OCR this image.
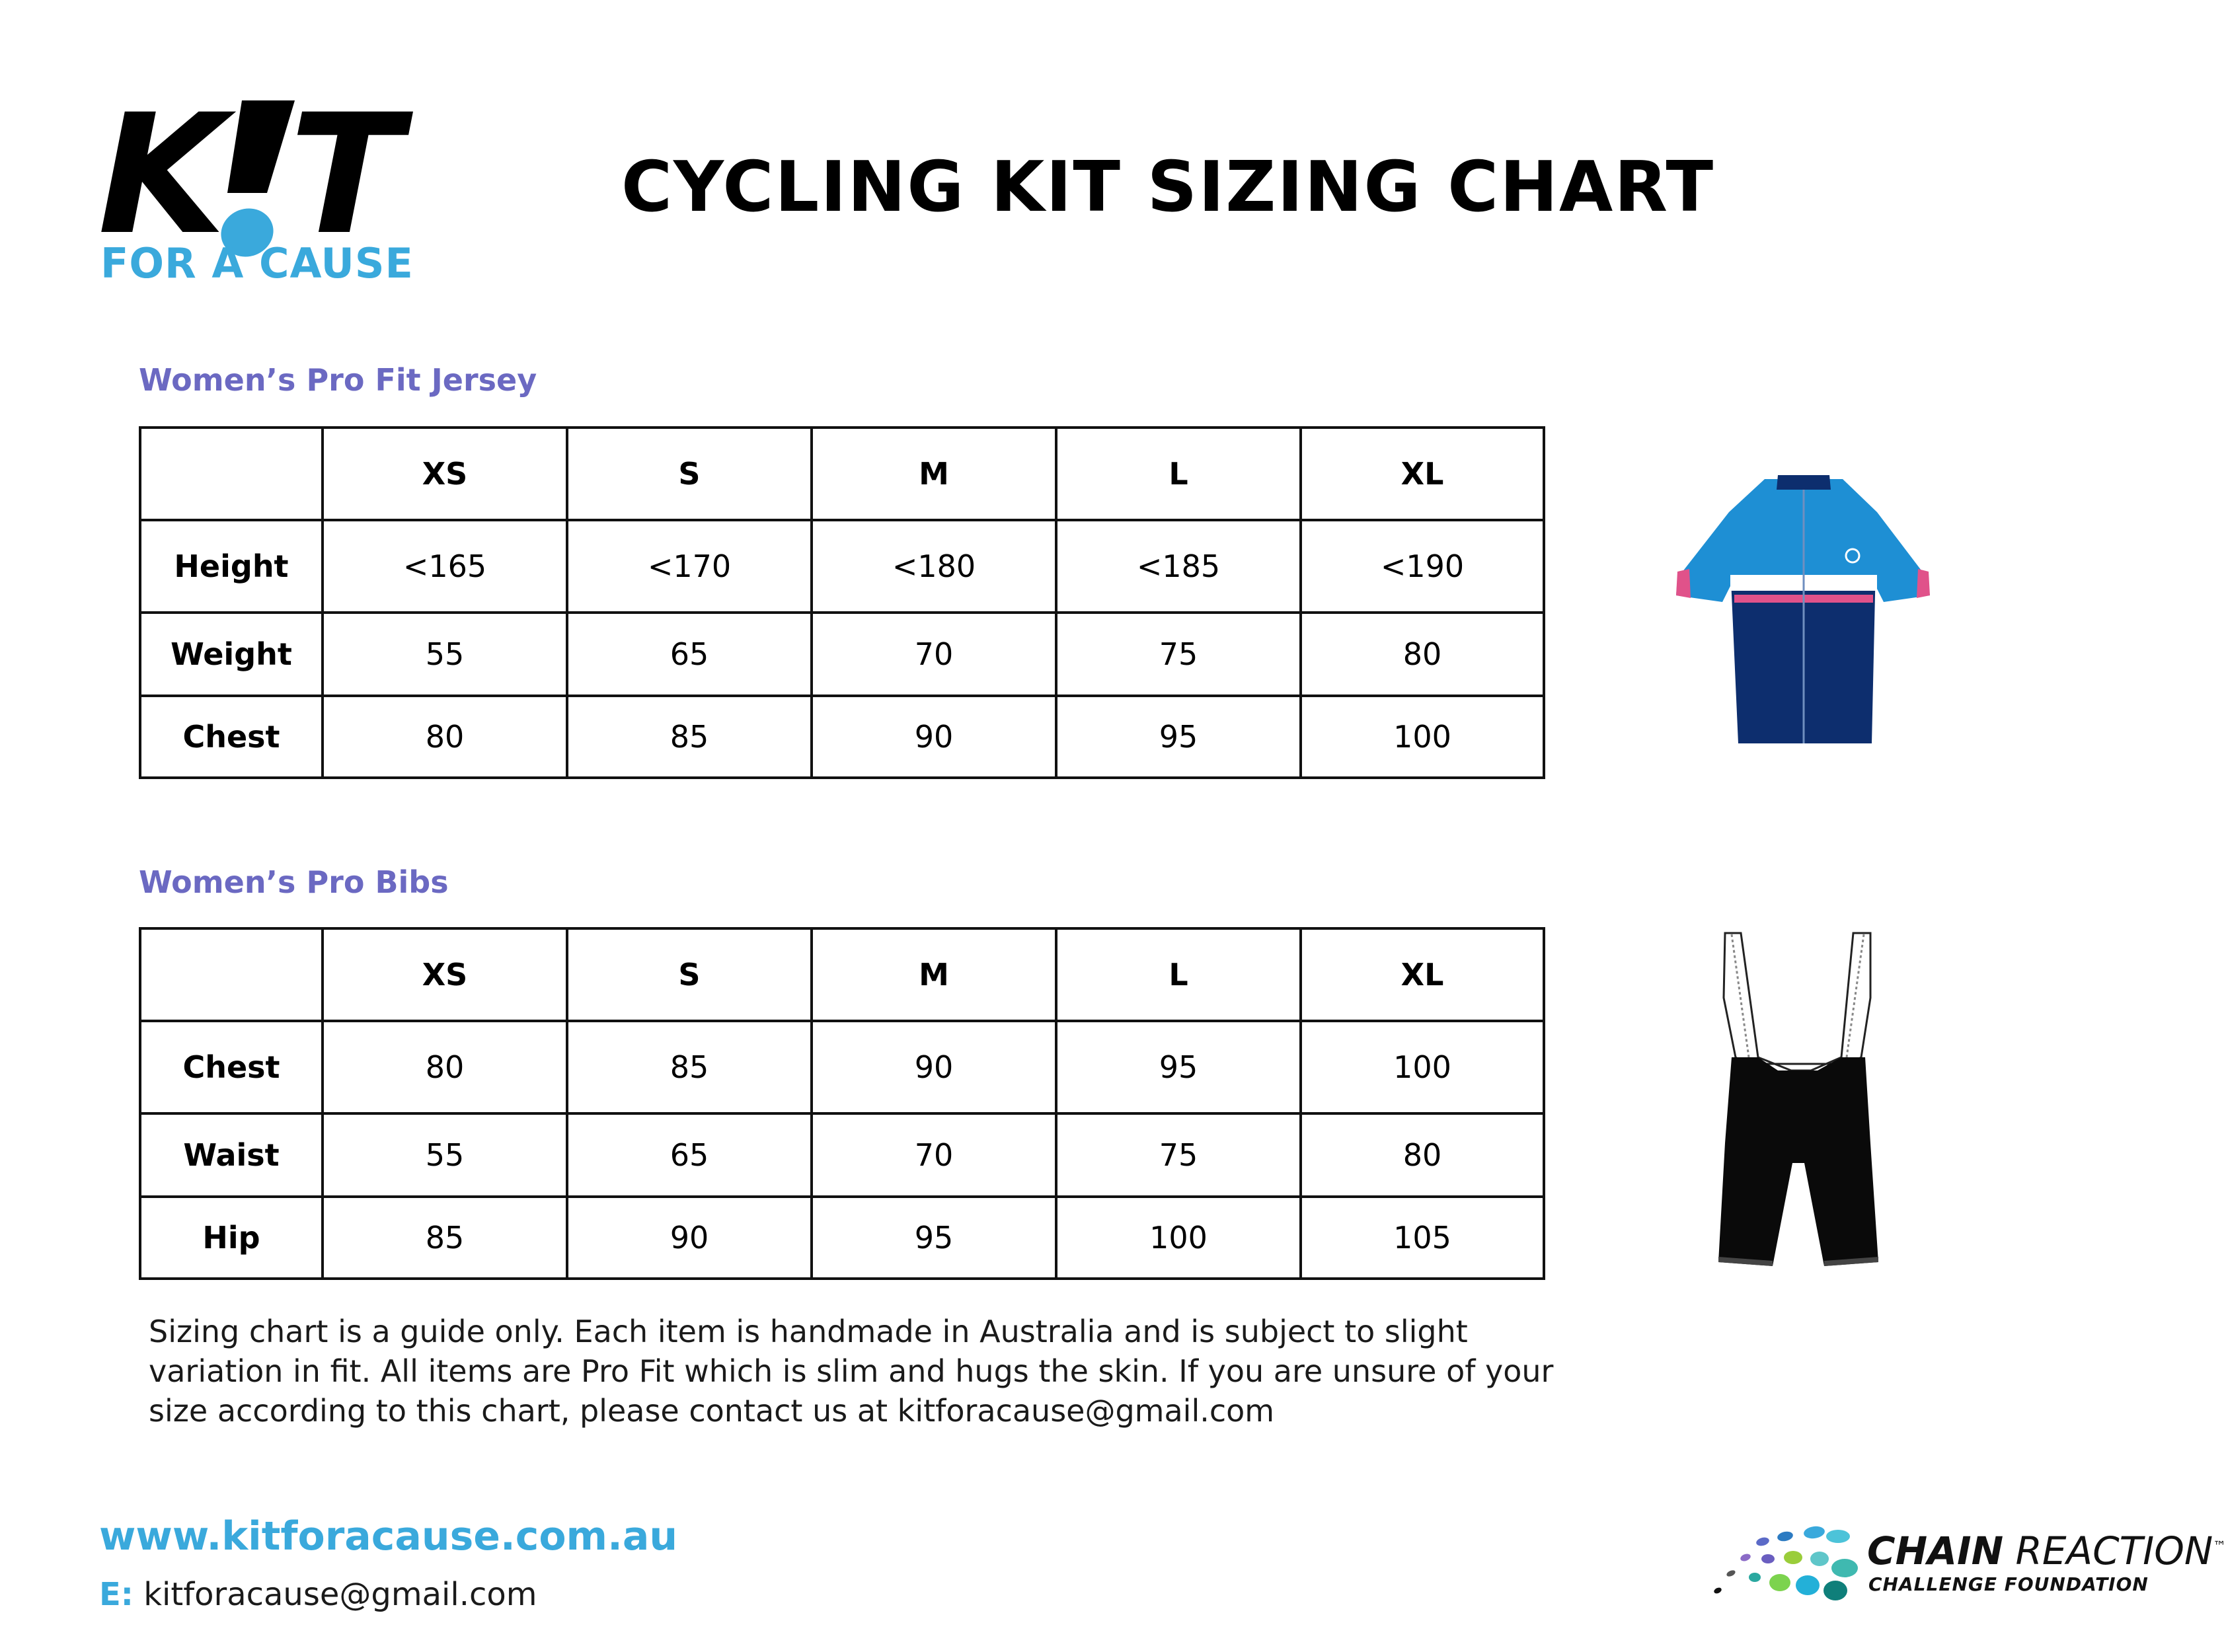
K T
FOR A CAUSE
CYCLING KIT SIZING CHART
Women’s Pro Fit Jersey
	XS	S	M	L	XL
Height	<165	<170	<180	<185	<190
Weight	55	65	70	75	80
Chest	80	85	90	95	100
Women’s Pro Bibs
	XS	S	M	L	XL
Chest	80	85	90	95	100
Waist	55	65	70	75	80
Hip	85	90	95	100	105
Sizing chart is a guide only. Each item is handmade in Australia and is subject to slight variation in fit. All items are Pro Fit which is slim and hugs the skin. If you are unsure of your size according to this chart, please contact us at kitforacause@gmail.com
www.kitforacause.com.au
E: kitforacause@gmail.com
CHAIN REACTION™
CHALLENGE FOUNDATION
